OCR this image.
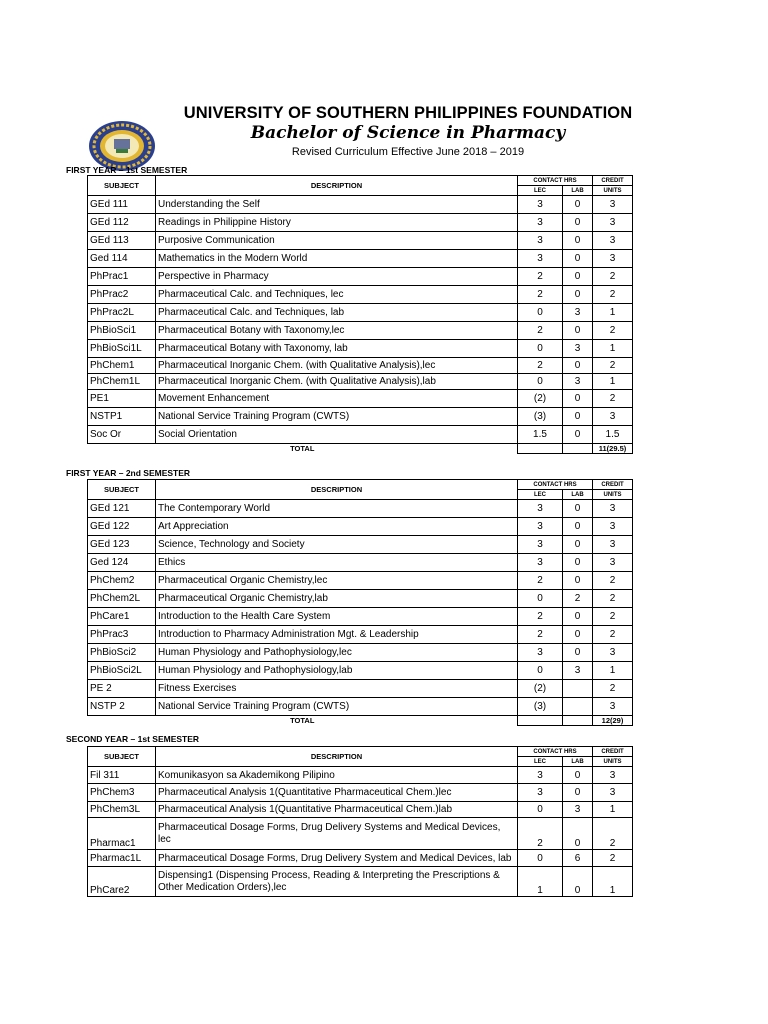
UNIVERSITY OF SOUTHERN PHILIPPINES FOUNDATION
Bachelor of Science in Pharmacy
Revised Curriculum Effective June 2018 – 2019
FIRST YEAR – 1st SEMESTER
SUBJECT	DESCRIPTION	CONTACT HRS		CREDIT
		LEC	LAB	UNITS
GEd 111	Understanding the Self	3	0	3
GEd 112	Readings in Philippine History	3	0	3
GEd 113	Purposive Communication	3	0	3
Ged 114	Mathematics in the Modern World	3	0	3
PhPrac1	Perspective in Pharmacy	2	0	2
PhPrac2	Pharmaceutical Calc. and Techniques, lec	2	0	2
PhPrac2L	Pharmaceutical Calc. and Techniques, lab	0	3	1
PhBioSci1	Pharmaceutical Botany with Taxonomy,lec	2	0	2
PhBioSci1L	Pharmaceutical Botany with Taxonomy, lab	0	3	1
PhChem1	Pharmaceutical Inorganic Chem. (with Qualitative Analysis),lec	2	0	2
PhChem1L	Pharmaceutical Inorganic Chem. (with Qualitative Analysis),lab	0	3	1
PE1	Movement Enhancement	(2)	0	2
NSTP1	National Service Training Program (CWTS)	(3)	0	3
Soc Or	Social Orientation	1.5	0	1.5
TOTAL				11(29.5)
FIRST YEAR – 2nd SEMESTER
SUBJECT	DESCRIPTION	CONTACT HRS		CREDIT
		LEC	LAB	UNITS
GEd 121	The Contemporary World	3	0	3
GEd 122	Art Appreciation	3	0	3
GEd 123	Science, Technology and Society	3	0	3
Ged 124	Ethics	3	0	3
PhChem2	Pharmaceutical Organic Chemistry,lec	2	0	2
PhChem2L	Pharmaceutical Organic Chemistry,lab	0	2	2
PhCare1	Introduction to the Health Care System	2	0	2
PhPrac3	Introduction to Pharmacy Administration Mgt. & Leadership	2	0	2
PhBioSci2	Human Physiology and Pathophysiology,lec	3	0	3
PhBioSci2L	Human Physiology and Pathophysiology,lab	0	3	1
PE 2	Fitness Exercises	(2)		2
NSTP 2	National Service Training Program (CWTS)	(3)		3
TOTAL				12(29)
SECOND YEAR – 1st SEMESTER
SUBJECT	DESCRIPTION	CONTACT HRS		CREDIT
		LEC	LAB	UNITS
Fil 311	Komunikasyon sa Akademikong Pilipino	3	0	3
PhChem3	Pharmaceutical Analysis 1(Quantitative Pharmaceutical Chem.)lec	3	0	3
PhChem3L	Pharmaceutical Analysis 1(Quantitative Pharmaceutical Chem.)lab	0	3	1
Pharmac1	Pharmaceutical Dosage Forms, Drug Delivery Systems and Medical Devices, lec	2	0	2
Pharmac1L	Pharmaceutical Dosage Forms, Drug Delivery System and Medical Devices, lab	0	6	2
PhCare2	Dispensing1 (Dispensing Process, Reading & Interpreting the Prescriptions & Other Medication Orders),lec	1	0	1
